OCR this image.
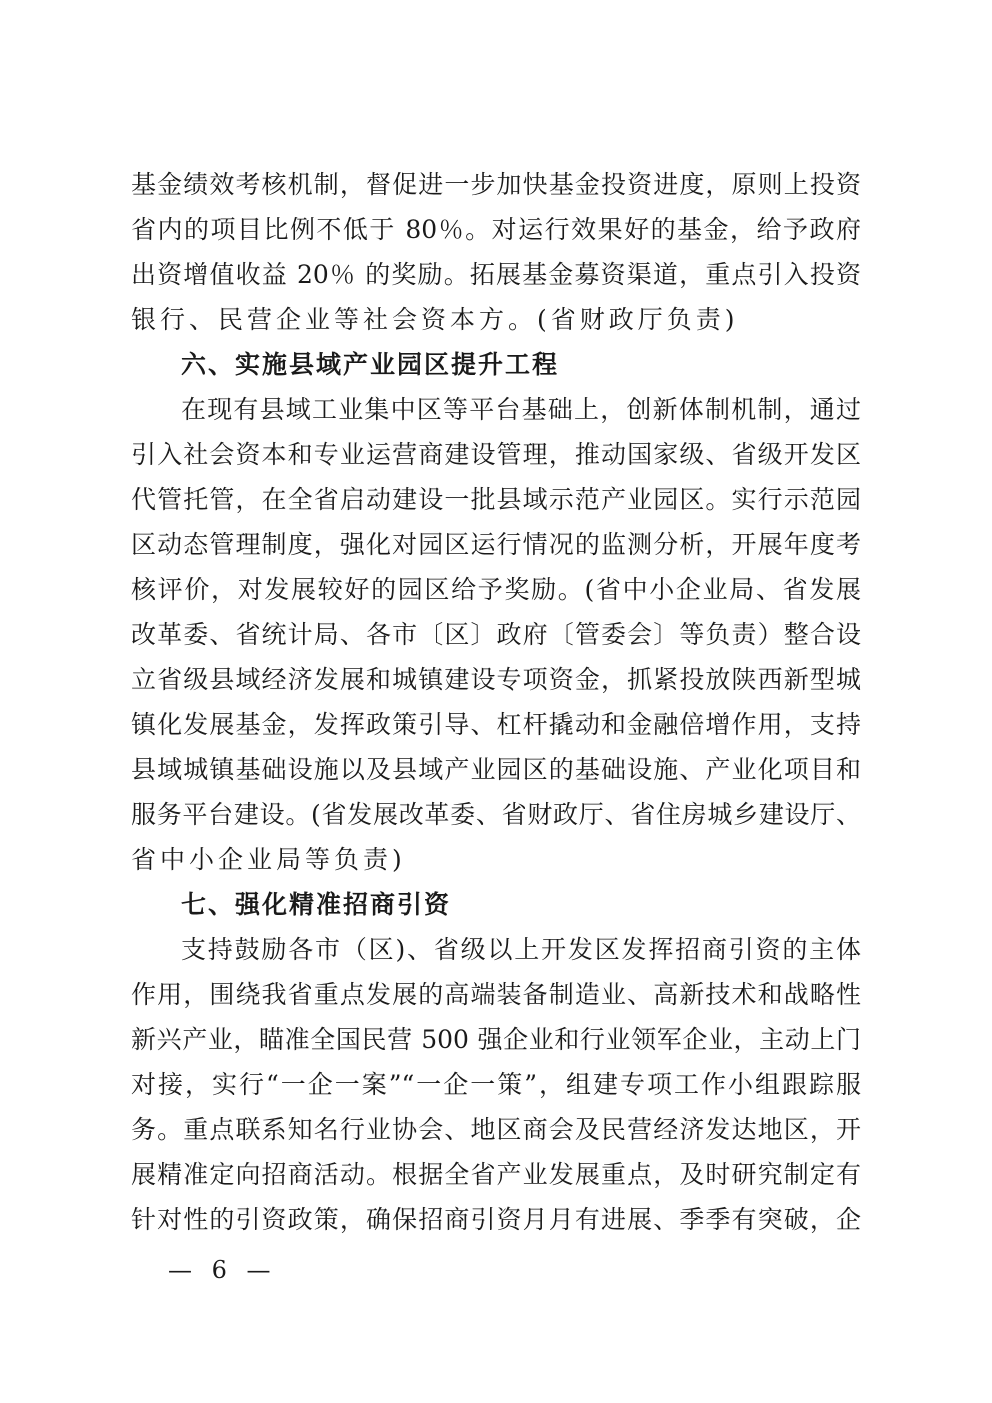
基金绩效考核机制，督促进一步加快基金投资进度，原则上投资
省内的项目比例不低于 80％。对运行效果好的基金，给予政府
出资增值收益 20％ 的奖励。拓展基金募资渠道，重点引入投资
银行、民营企业等社会资本方。(省财政厅负责)
六、实施县域产业园区提升工程
在现有县域工业集中区等平台基础上，创新体制机制，通过
引入社会资本和专业运营商建设管理，推动国家级、省级开发区
代管托管，在全省启动建设一批县域示范产业园区。实行示范园
区动态管理制度，强化对园区运行情况的监测分析，开展年度考
核评价，对发展较好的园区给予奖励。(省中小企业局、省发展
改革委、省统计局、各市〔区〕政府〔管委会〕等负责）整合设
立省级县域经济发展和城镇建设专项资金，抓紧投放陕西新型城
镇化发展基金，发挥政策引导、杠杆撬动和金融倍增作用，支持
县域城镇基础设施以及县域产业园区的基础设施、产业化项目和
服务平台建设。(省发展改革委、省财政厅、省住房城乡建设厅、
省中小企业局等负责)
七、强化精准招商引资
支持鼓励各市（区)、省级以上开发区发挥招商引资的主体
作用，围绕我省重点发展的高端装备制造业、高新技术和战略性
新兴产业，瞄准全国民营 500 强企业和行业领军企业，主动上门
对接，实行“一企一案”“一企一策”，组建专项工作小组跟踪服
务。重点联系知名行业协会、地区商会及民营经济发达地区，开
展精准定向招商活动。根据全省产业发展重点，及时研究制定有
针对性的引资政策，确保招商引资月月有进展、季季有突破，企
— 6 —
